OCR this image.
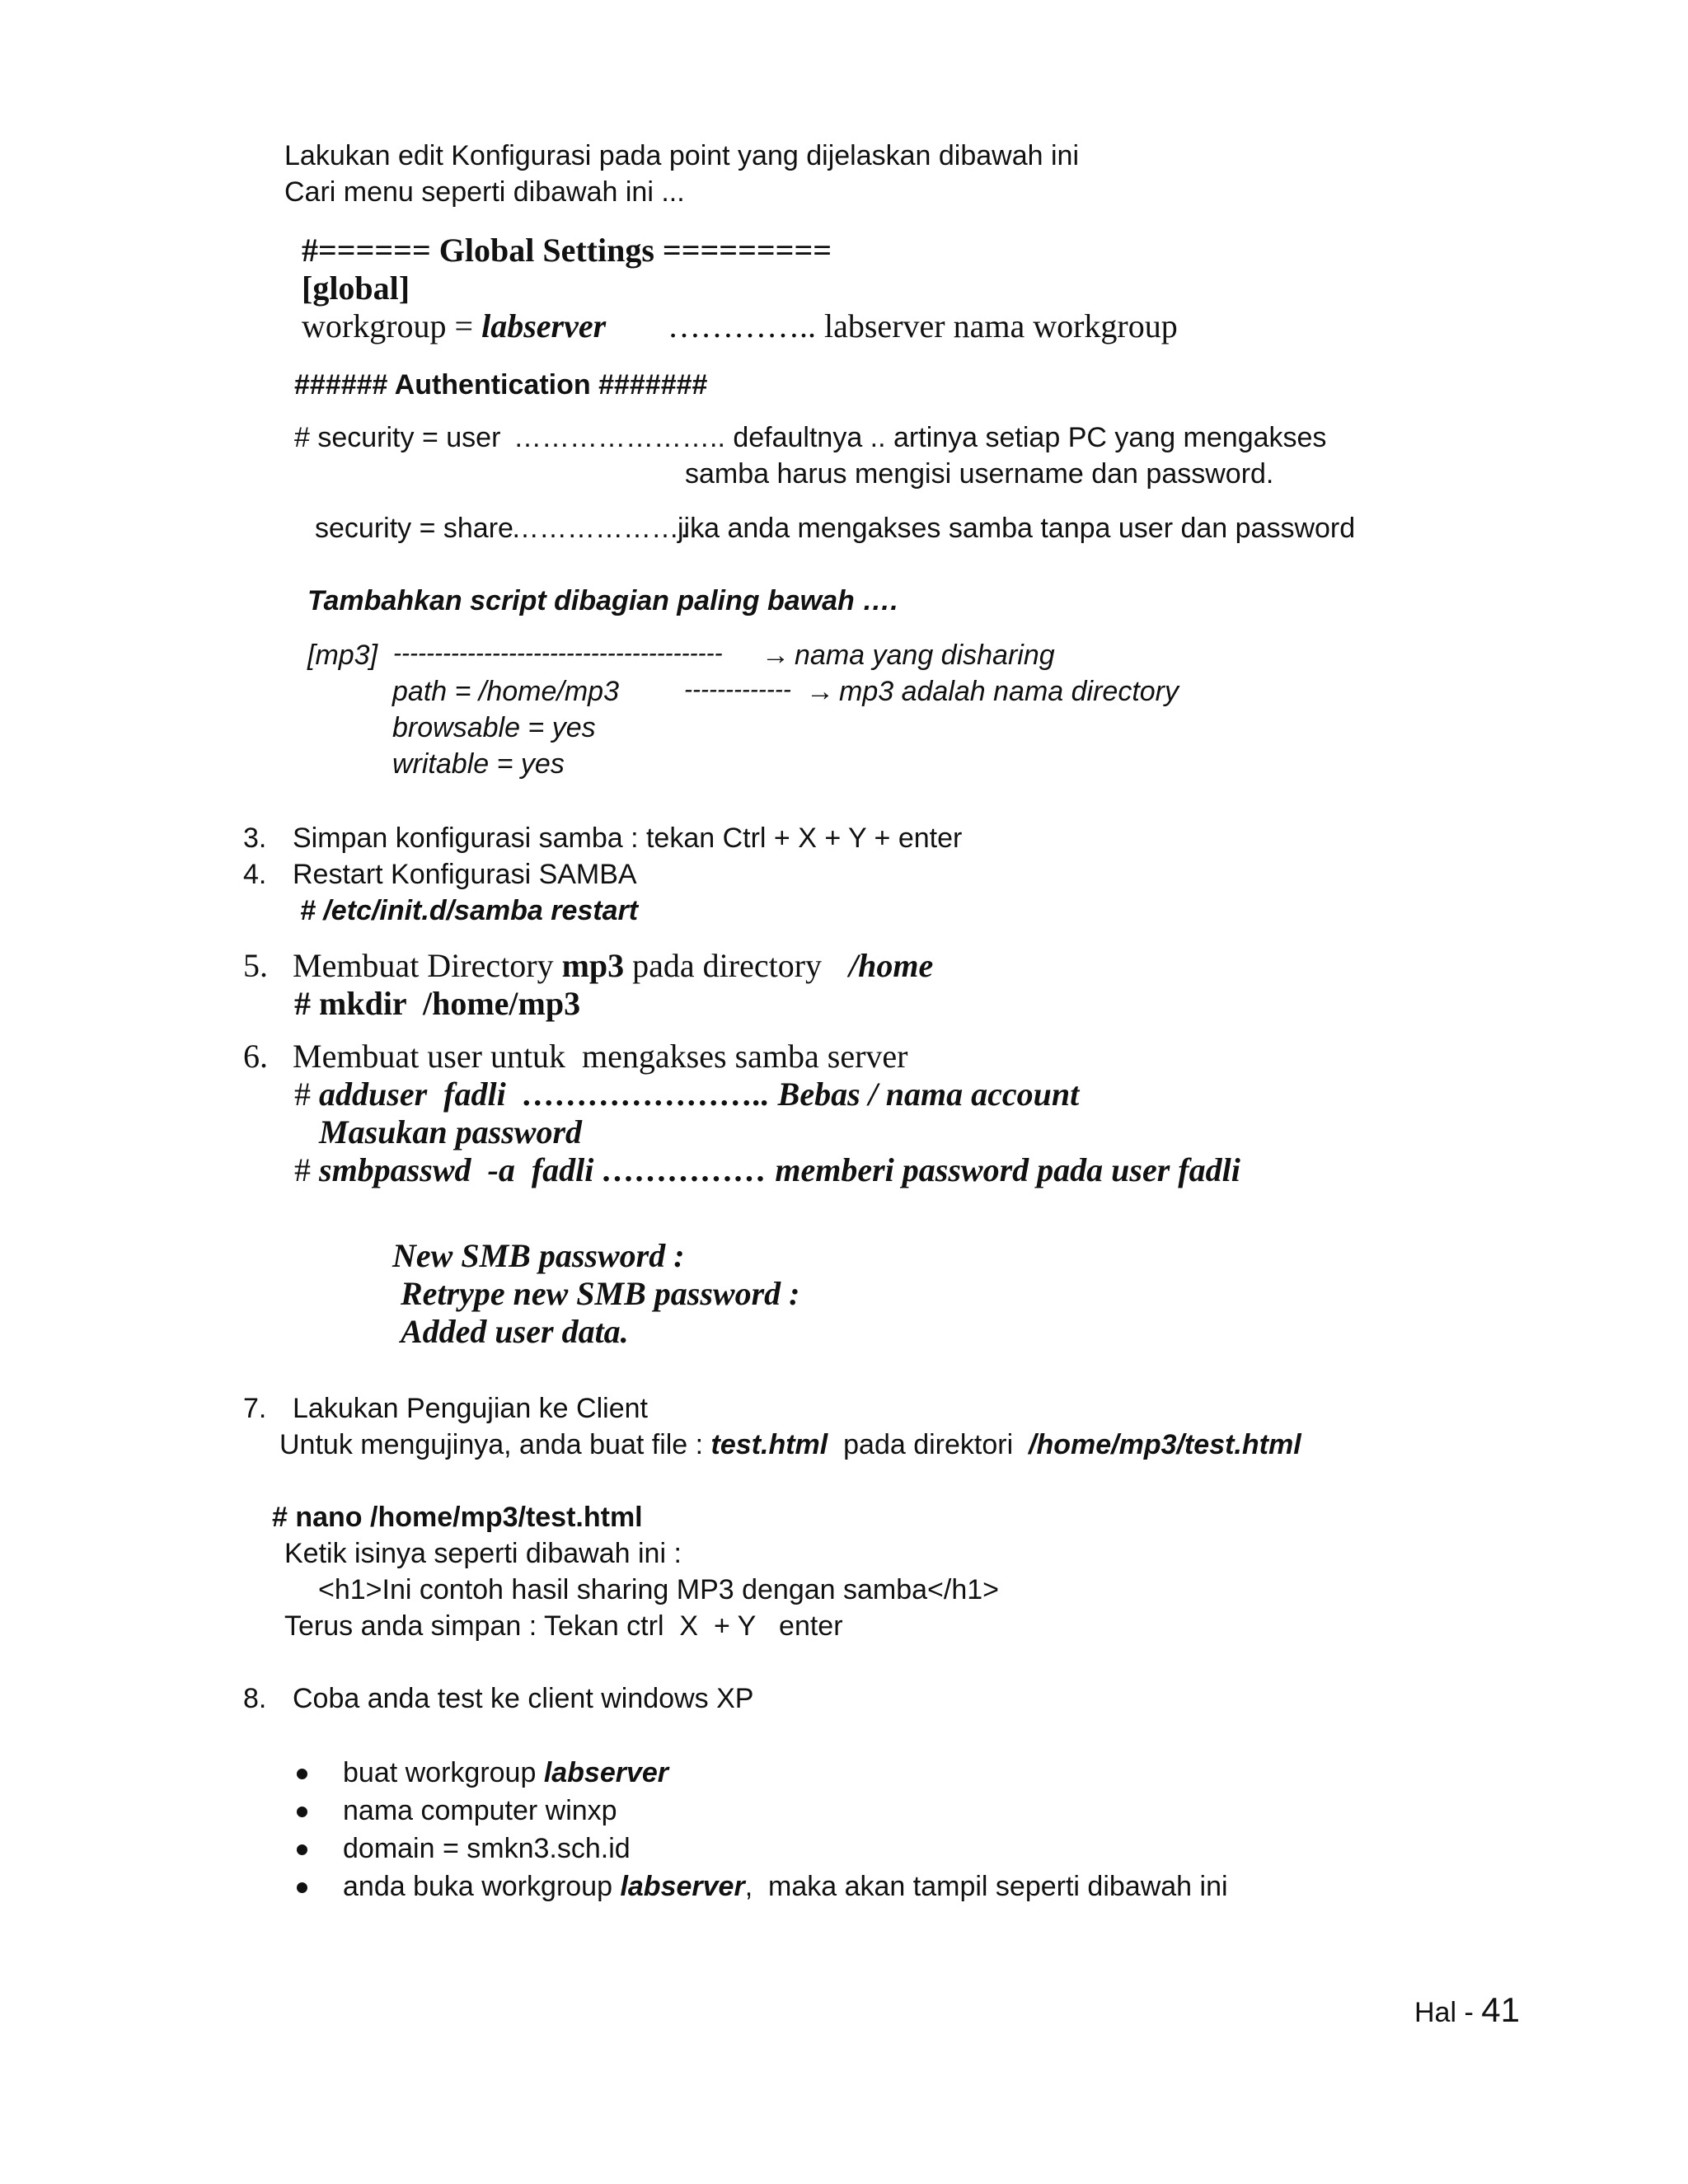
Lakukan edit Konfigurasi pada point yang dijelaskan dibawah ini
Cari menu seperti dibawah ini ...
#====== Global Settings =========
[global]
workgroup = labserver ………….. labserver nama workgroup
###### Authentication #######
# security = user ………………….. defaultnya .. artinya setiap PC yang mengakses
samba harus mengisi username dan password.
security = share
…………………
jika anda mengakses samba tanpa user dan password
Tambahkan script dibagian paling bawah ….
[mp3] ---------------------------------------- → nama yang disharing
path = /home/mp3	------------- → mp3 adalah nama directory
browsable = yes
writable = yes
3. Simpan konfigurasi samba : tekan Ctrl + X + Y + enter
4. Restart Konfigurasi SAMBA
# /etc/init.d/samba restart
5. Membuat Directory mp3 pada directory /home
# mkdir  /home/mp3
6. Membuat user untuk  mengakses samba server
# adduser  fadli  ………………….. Bebas / nama account
Masukan password
# smbpasswd  -a  fadli …………… memberi password pada user fadli
New SMB password :
Retrype new SMB password :
Added user data.
7. Lakukan Pengujian ke Client
Untuk mengujinya, anda buat file : test.html  pada direktori  /home/mp3/test.html
# nano /home/mp3/test.html
Ketik isinya seperti dibawah ini :
<h1>Ini contoh hasil sharing MP3 dengan samba</h1>
Terus anda simpan : Tekan ctrl  X  + Y   enter
8. Coba anda test ke client windows XP
buat workgroup labserver
nama computer winxp
domain = smkn3.sch.id
anda buka workgroup labserver,  maka akan tampil seperti dibawah ini
Hal - 41
